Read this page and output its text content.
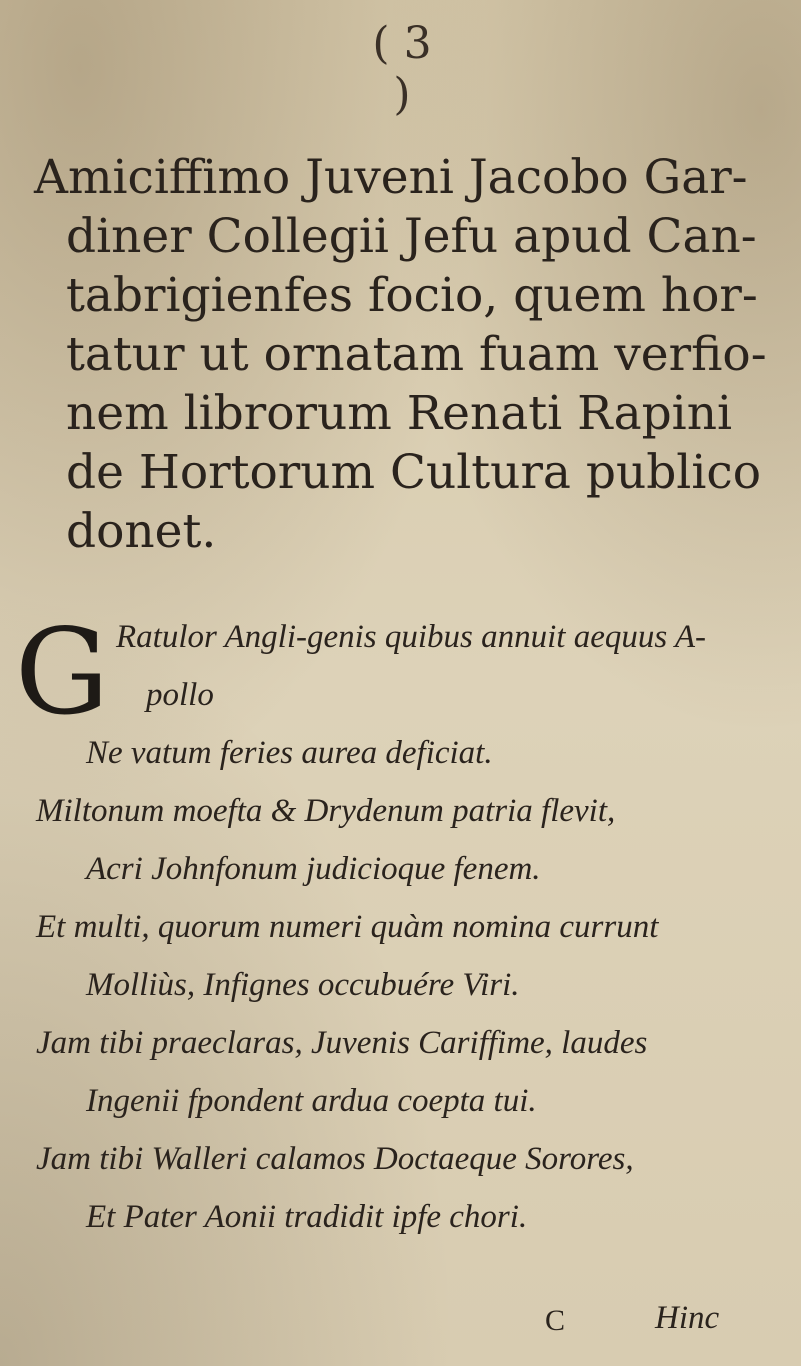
( 3 )
Amiciffimo Juveni Jacobo Gar-
diner Collegii Jefu apud Can-
tabrigienfes focio, quem hor-
tatur ut ornatam fuam verfio-
nem librorum Renati Rapini
de Hortorum Cultura publico
donet.
G Ratulor Angli-genis quibus annuit aequus A-
pollo
Ne vatum feries aurea deficiat.
Miltonum moefta & Drydenum patria flevit,
Acri Johnfonum judicioque fenem.
Et multi, quorum numeri quàm nomina currunt
Molliùs, Infignes occubuére Viri.
Jam tibi praeclaras, Juvenis Cariffime, laudes
Ingenii fpondent ardua coepta tui.
Jam tibi Walleri calamos Doctaeque Sorores,
Et Pater Aonii tradidit ipfe chori.
C	Hinc
